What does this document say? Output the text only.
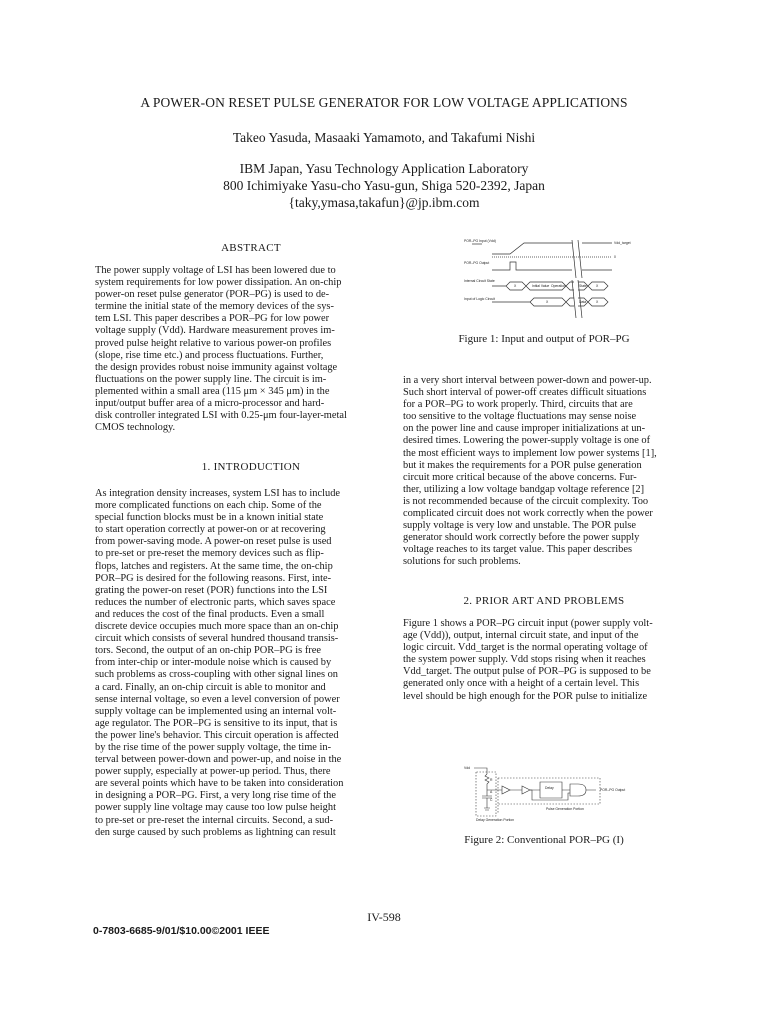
A POWER-ON RESET PULSE GENERATOR FOR LOW VOLTAGE APPLICATIONS
Takeo Yasuda, Masaaki Yamamoto, and Takafumi Nishi
IBM Japan, Yasu Technology Application Laboratory
800 Ichimiyake Yasu-cho Yasu-gun, Shiga 520-2392, Japan
{taky,ymasa,takafun}@jp.ibm.com
ABSTRACT

The power supply voltage of LSI has been lowered due to

system requirements for low power dissipation. An on-chip

power-on reset pulse generator (POR–PG) is used to de-

termine the initial state of the memory devices of the sys-

tem LSI. This paper describes a POR–PG for low power

voltage supply (Vdd). Hardware measurement proves im-

proved pulse height relative to various power-on profiles

(slope, rise time etc.) and process fluctuations. Further,

the design provides robust noise immunity against voltage

fluctuations on the power supply line. The circuit is im-

plemented within a small area (115 μm × 345 μm) in the

input/output buffer area of a micro-processor and hard-

disk controller integrated LSI with 0.25-μm four-layer-metal

CMOS technology.

1. INTRODUCTION

As integration density increases, system LSI has to include

more complicated functions on each chip. Some of the

special function blocks must be in a known initial state

to start operation correctly at power-on or at recovering

from power-saving mode. A power-on reset pulse is used

to pre-set or pre-reset the memory devices such as flip-

flops, latches and registers. At the same time, the on-chip

POR–PG is desired for the following reasons. First, inte-

grating the power-on reset (POR) functions into the LSI

reduces the number of electronic parts, which saves space

and reduces the cost of the final products. Even a small

discrete device occupies much more space than an on-chip

circuit which consists of several hundred thousand transis-

tors. Second, the output of an on-chip POR–PG is free

from inter-chip or inter-module noise which is caused by

such problems as cross-coupling with other signal lines on

a card. Finally, an on-chip circuit is able to monitor and

sense internal voltage, so even a level conversion of power

supply voltage can be implemented using an internal volt-

age regulator. The POR–PG is sensitive to its input, that is

the power line's behavior. This circuit operation is affected

by the rise time of the power supply voltage, the time in-

terval between power-down and power-up, and noise in the

power supply, especially at power-up period. Thus, there

are several points which have to be taken into consideration

in designing a POR–PG. First, a very long rise time of the

power supply line voltage may cause too low pulse height

to pre-set or pre-reset the internal circuits. Second, a sud-

den surge caused by such problems as lightning can result

POR–PG Input (Vdd)
POR–PG Output
Internal Circuit State
Input of Logic Circuit
Vdd_target
0
X	Initial Value Operation	State	X
X	Data	X
Figure 1: Input and output of POR–PG

in a very short interval between power-down and power-up.

Such short interval of power-off creates difficult situations

for a POR–PG to work properly. Third, circuits that are

too sensitive to the voltage fluctuations may sense noise

on the power line and cause improper initializations at un-

desired times. Lowering the power-supply voltage is one of

the most efficient ways to implement low power systems [1],

but it makes the requirements for a POR pulse generation

circuit more critical because of the above concerns. Fur-

ther, utilizing a low voltage bandgap voltage reference [2]

is not recommended because of the circuit complexity. Too

complicated circuit does not work correctly when the power

supply voltage is very low and unstable. The POR pulse

generator should work correctly before the power supply

voltage reaches to its target value. This paper describes

solutions for such problems.

2. PRIOR ART AND PROBLEMS

Figure 1 shows a POR–PG circuit input (power supply volt-

age (Vdd)), output, internal circuit state, and input of the

logic circuit. Vdd_target is the normal operating voltage of

the system power supply. Vdd stops rising when it reaches

Vdd_target. The output pulse of POR–PG is supposed to be

generated only once with a height of a certain level. This

level should be high enough for the POR pulse to initialize

Vdd
R
A
C
Delay	POR–PG Output
Pulse Generation Portion
Delay Generation Portion
Figure 2: Conventional POR–PG (I)
IV-598
0-7803-6685-9/01/$10.00©2001 IEEE
